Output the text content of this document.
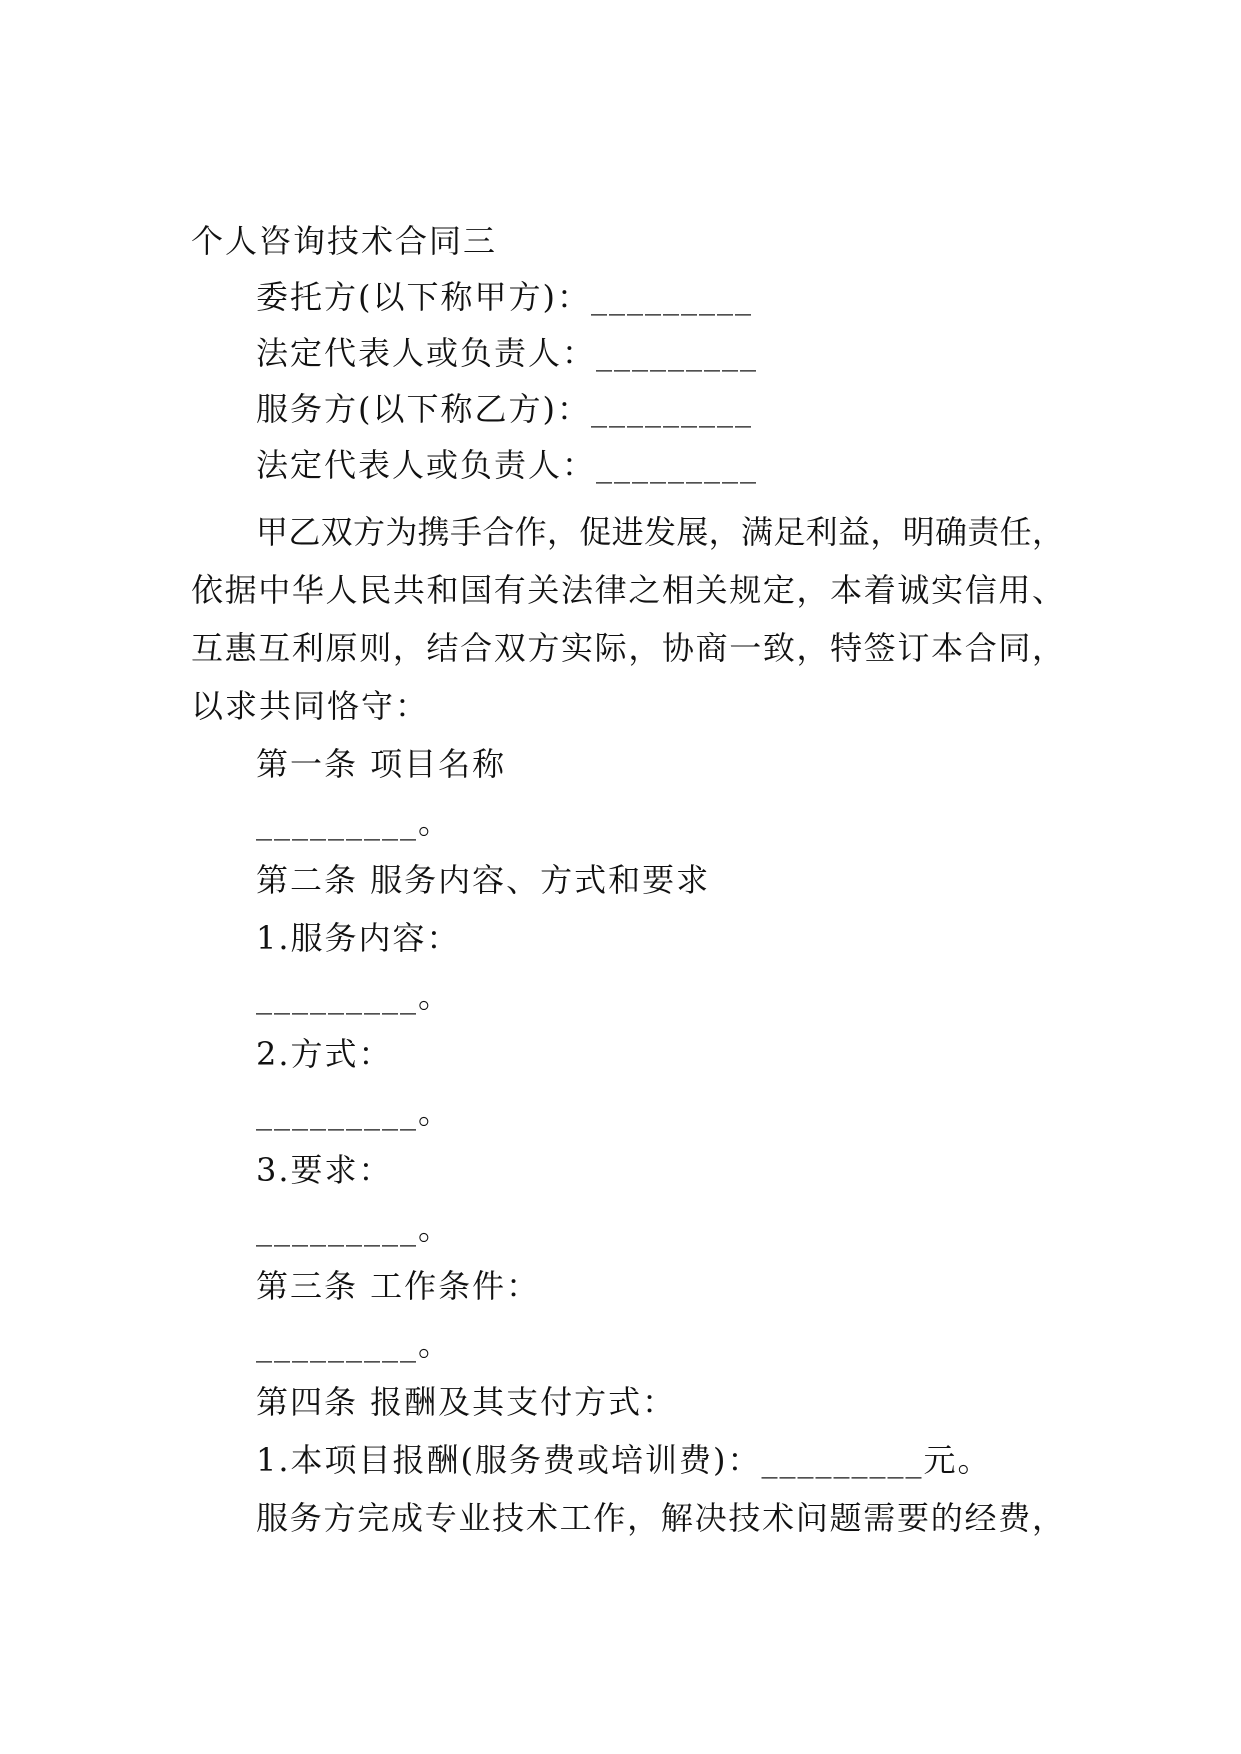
个人咨询技术合同三
委托方(以下称甲方)：_________
法定代表人或负责人：_________
服务方(以下称乙方)：_________
法定代表人或负责人：_________
甲乙双方为携手合作，促进发展，满足利益，明确责任，
依据中华人民共和国有关法律之相关规定，本着诚实信用、
互惠互利原则，结合双方实际，协商一致，特签订本合同，
以求共同恪守：
第一条 项目名称
_________。
第二条 服务内容、方式和要求
1.服务内容：
_________。
2.方式：
_________。
3.要求：
_________。
第三条 工作条件：
_________。
第四条 报酬及其支付方式：
1.本项目报酬(服务费或培训费)：_________元。
服务方完成专业技术工作，解决技术问题需要的经费，
